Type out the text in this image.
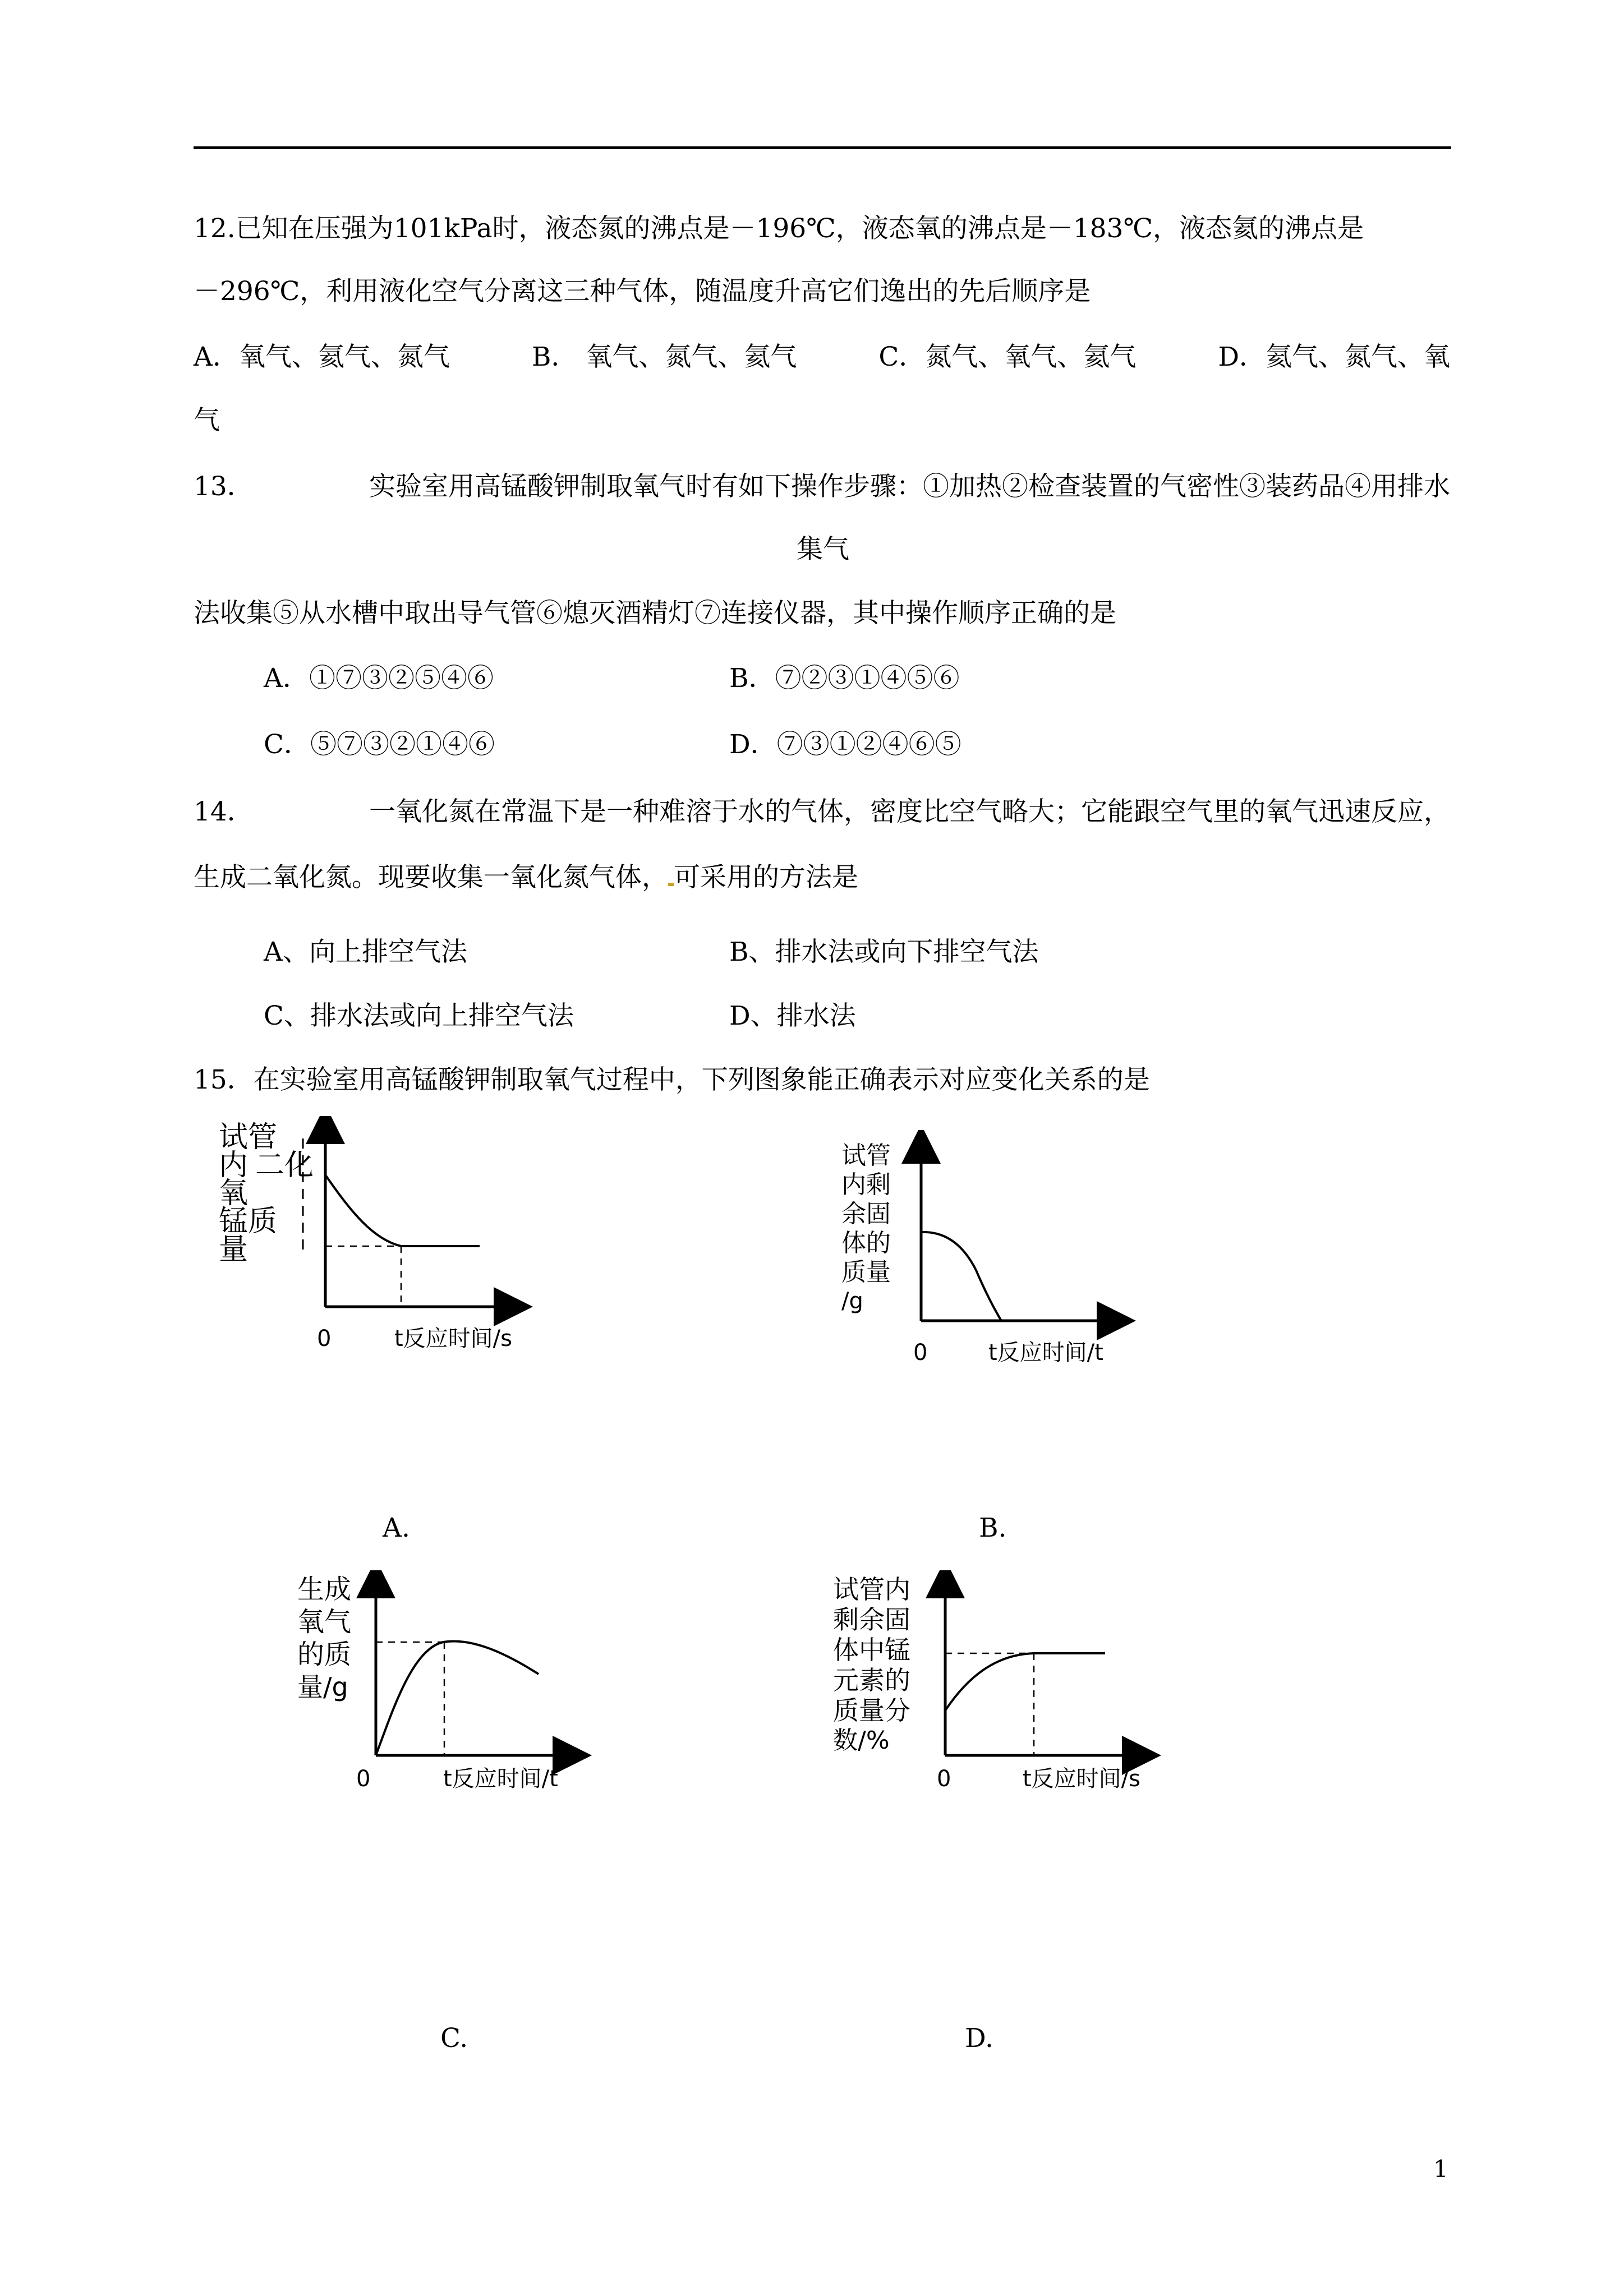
12.已知在压强为101kPa时，液态氮的沸点是－196℃，液态氧的沸点是－183℃，液态氦的沸点是
－296℃，利用液化空气分离这三种气体，随温度升高它们逸出的先后顺序是
A．氧气、氦气、氮气	B． 氧气、氮气、氦气	C．氮气、氧气、氦气	D．氦气、氮气、氧
气
13．	实验室用高锰酸钾制取氧气时有如下操作步骤：①加热②检查装置的气密性③装药品④用排水
集气
法收集⑤从水槽中取出导气管⑥熄灭酒精灯⑦连接仪器，其中操作顺序正确的是
A．①⑦③②⑤④⑥	B．⑦②③①④⑤⑥
C．⑤⑦③②①④⑥	D．⑦③①②④⑥⑤
14．	一氧化氮在常温下是一种难溶于水的气体，密度比空气略大；它能跟空气里的氧气迅速反应，
生成二氧化氮。现要收集一氧化氮气体， 可采用的方法是
A、向上排空气法	B、排水法或向下排空气法
C、排水法或向上排空气法	D、排水法
15．在实验室用高锰酸钾制取氧气过程中，下列图象能正确表示对应变化关系的是
试管
内 二化
氧
锰质
量
0	t反应时间/s
A.
试管
内剩
余固
体的
质量
/g
0	t反应时间/t
B.
生成
氧气
的质
量/g
0	t反应时间/t
C.
试管内
剩余固
体中锰
元素的
质量分
数/%
0	t反应时间/s
D.
1
